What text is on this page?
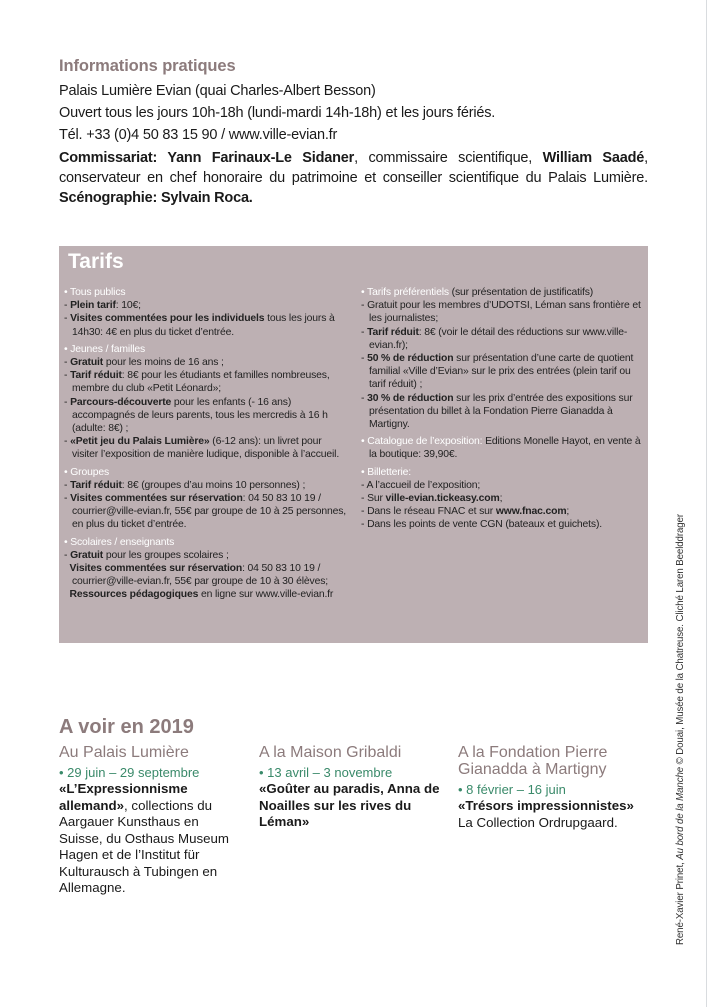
Informations pratiques

Palais Lumière Evian (quai Charles-Albert Besson)

Ouvert tous les jours 10h-18h (lundi-mardi 14h-18h) et les jours fériés.

Tél. +33 (0)4 50 83 15 90 / www.ville-evian.fr

Commissariat: Yann Farinaux-Le Sidaner, commissaire scientifique, William Saadé, conservateur en chef honoraire du patrimoine et conseiller scientifique du Palais Lumière. Scénographie: Sylvain Roca.

Tarifs
• Tous publics
- Plein tarif: 10€;
- Visites commentées pour les individuels tous les jours à 14h30: 4€ en plus du ticket d’entrée.
• Jeunes / familles
- Gratuit pour les moins de 16 ans ;
- Tarif réduit: 8€ pour les étudiants et familles nombreuses, membre du club «Petit Léonard»;
- Parcours-découverte pour les enfants (- 16 ans) accompagnés de leurs parents, tous les mercredis à 16 h (adulte: 8€) ;
- «Petit jeu du Palais Lumière» (6-12 ans): un livret pour visiter l’exposition de manière ludique, disponible à l’accueil.
• Groupes
- Tarif réduit: 8€ (groupes d’au moins 10 personnes) ;
- Visites commentées sur réservation: 04 50 83 10 19 / courrier@ville-evian.fr, 55€ par groupe de 10 à 25 personnes, en plus du ticket d’entrée.
• Scolaires / enseignants
- Gratuit pour les groupes scolaires ;
Visites commentées sur réservation: 04 50 83 10 19 / courrier@ville-evian.fr, 55€ par groupe de 10 à 30 élèves;
Ressources pédagogiques en ligne sur www.ville-evian.fr
• Tarifs préférentiels (sur présentation de justificatifs)
- Gratuit pour les membres d’UDOTSI, Léman sans frontière et les journalistes;
- Tarif réduit: 8€ (voir le détail des réductions sur www.ville-evian.fr);
- 50 % de réduction sur présentation d’une carte de quotient familial «Ville d’Evian» sur le prix des entrées (plein tarif ou tarif réduit) ;
- 30 % de réduction sur les prix d’entrée des expositions sur présentation du billet à la Fondation Pierre Gianadda à Martigny.
• Catalogue de l’exposition: Editions Monelle Hayot, en vente à la boutique: 39,90€.
• Billetterie:
- A l’accueil de l’exposition;
- Sur ville-evian.tickeasy.com;
- Dans le réseau FNAC et sur www.fnac.com;
- Dans les points de vente CGN (bateaux et guichets).
A voir en 2019

Au Palais Lumière

• 29 juin – 29 septembre

«L’Expressionnisme allemand», collections du Aargauer Kunsthaus en Suisse, du Osthaus Museum Hagen et de l’Institut für Kulturausch à Tubingen en Allemagne.

A la Maison Gribaldi

• 13 avril – 3 novembre

«Goûter au paradis, Anna de Noailles sur les rives du Léman»

A la Fondation Pierre Gianadda à Martigny

• 8 février – 16 juin

«Trésors impressionnistes» La Collection Ordrupgaard.

René-Xavier Prinet, Au bord de la Manche © Douai, Musée de la Chatreuse. Cliché Laren Beelddrager
